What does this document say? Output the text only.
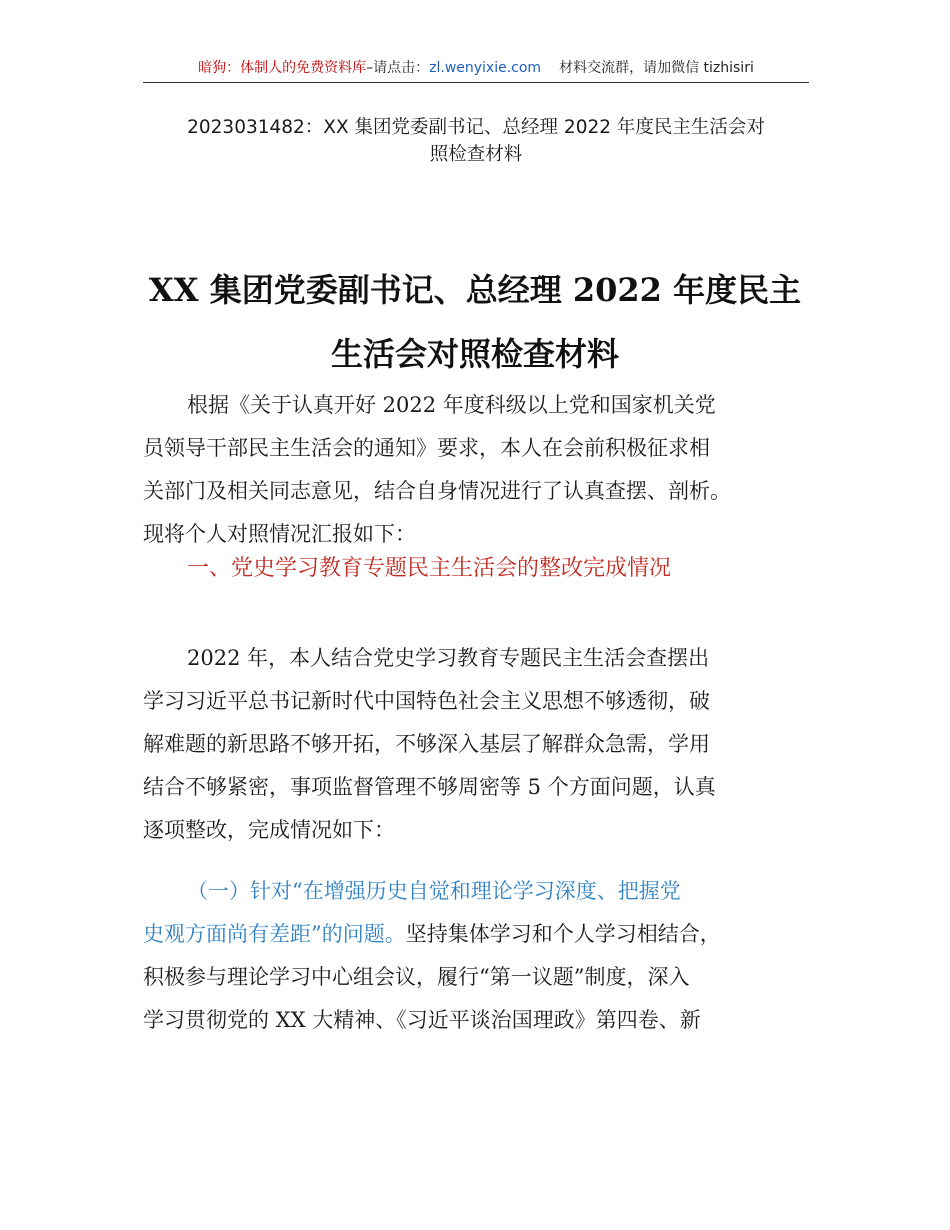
暗狗：体制人的免费资料库–请点击：zl.wenyixie.com 材料交流群，请加微信 tizhisiri
2023031482：XX 集团党委副书记、总经理 2022 年度民主生活会对
照检查材料
XX 集团党委副书记、总经理 2022 年度民主
生活会对照检查材料
根据《关于认真开好 2022 年度科级以上党和国家机关党
员领导干部民主生活会的通知》要求，本人在会前积极征求相
关部门及相关同志意见，结合自身情况进行了认真查摆、剖析。
现将个人对照情况汇报如下：
一、党史学习教育专题民主生活会的整改完成情况
2022 年，本人结合党史学习教育专题民主生活会查摆出
学习习近平总书记新时代中国特色社会主义思想不够透彻，破
解难题的新思路不够开拓，不够深入基层了解群众急需，学用
结合不够紧密，事项监督管理不够周密等 5 个方面问题，认真
逐项整改，完成情况如下：
（一）针对“在增强历史自觉和理论学习深度、把握党
史观方面尚有差距”的问题。坚持集体学习和个人学习相结合，
积极参与理论学习中心组会议，履行“第一议题”制度，深入
学习贯彻党的 XX 大精神、《习近平谈治国理政》第四卷、新
